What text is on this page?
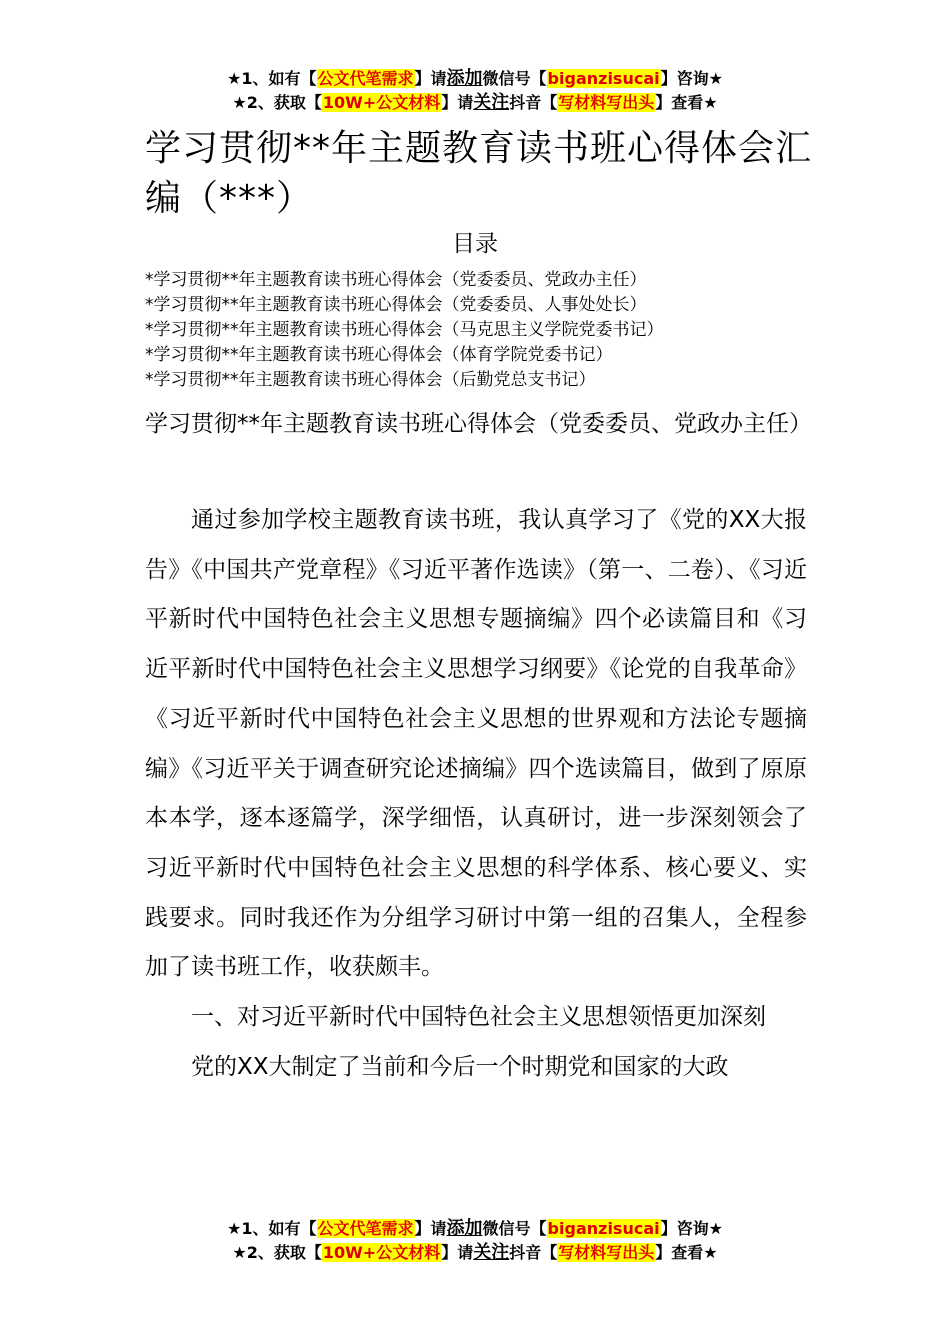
★1、如有【公文代笔需求】请添加微信号【biganzisucai】咨询★
★2、获取【10W+公文材料】请关注抖音【写材料写出头】查看★
学习贯彻**年主题教育读书班心得体会汇编（***）
目录
*学习贯彻**年主题教育读书班心得体会（党委委员、党政办主任）
*学习贯彻**年主题教育读书班心得体会（党委委员、人事处处长）
*学习贯彻**年主题教育读书班心得体会（马克思主义学院党委书记）
*学习贯彻**年主题教育读书班心得体会（体育学院党委书记）
*学习贯彻**年主题教育读书班心得体会（后勤党总支书记）
学习贯彻**年主题教育读书班心得体会（党委委员、党政办主任）

通过参加学校主题教育读书班，我认真学习了《党的XX大报告》《中国共产党章程》《习近平著作选读》（第一、二卷）、《习近平新时代中国特色社会主义思想专题摘编》四个必读篇目和《习近平新时代中国特色社会主义思想学习纲要》《论党的自我革命》《习近平新时代中国特色社会主义思想的世界观和方法论专题摘编》《习近平关于调查研究论述摘编》四个选读篇目，做到了原原本本学，逐本逐篇学，深学细悟，认真研讨，进一步深刻领会了习近平新时代中国特色社会主义思想的科学体系、核心要义、实践要求。同时我还作为分组学习研讨中第一组的召集人，全程参加了读书班工作，收获颇丰。

一、对习近平新时代中国特色社会主义思想领悟更加深刻

党的XX大制定了当前和今后一个时期党和国家的大政

★1、如有【公文代笔需求】请添加微信号【biganzisucai】咨询★
★2、获取【10W+公文材料】请关注抖音【写材料写出头】查看★
